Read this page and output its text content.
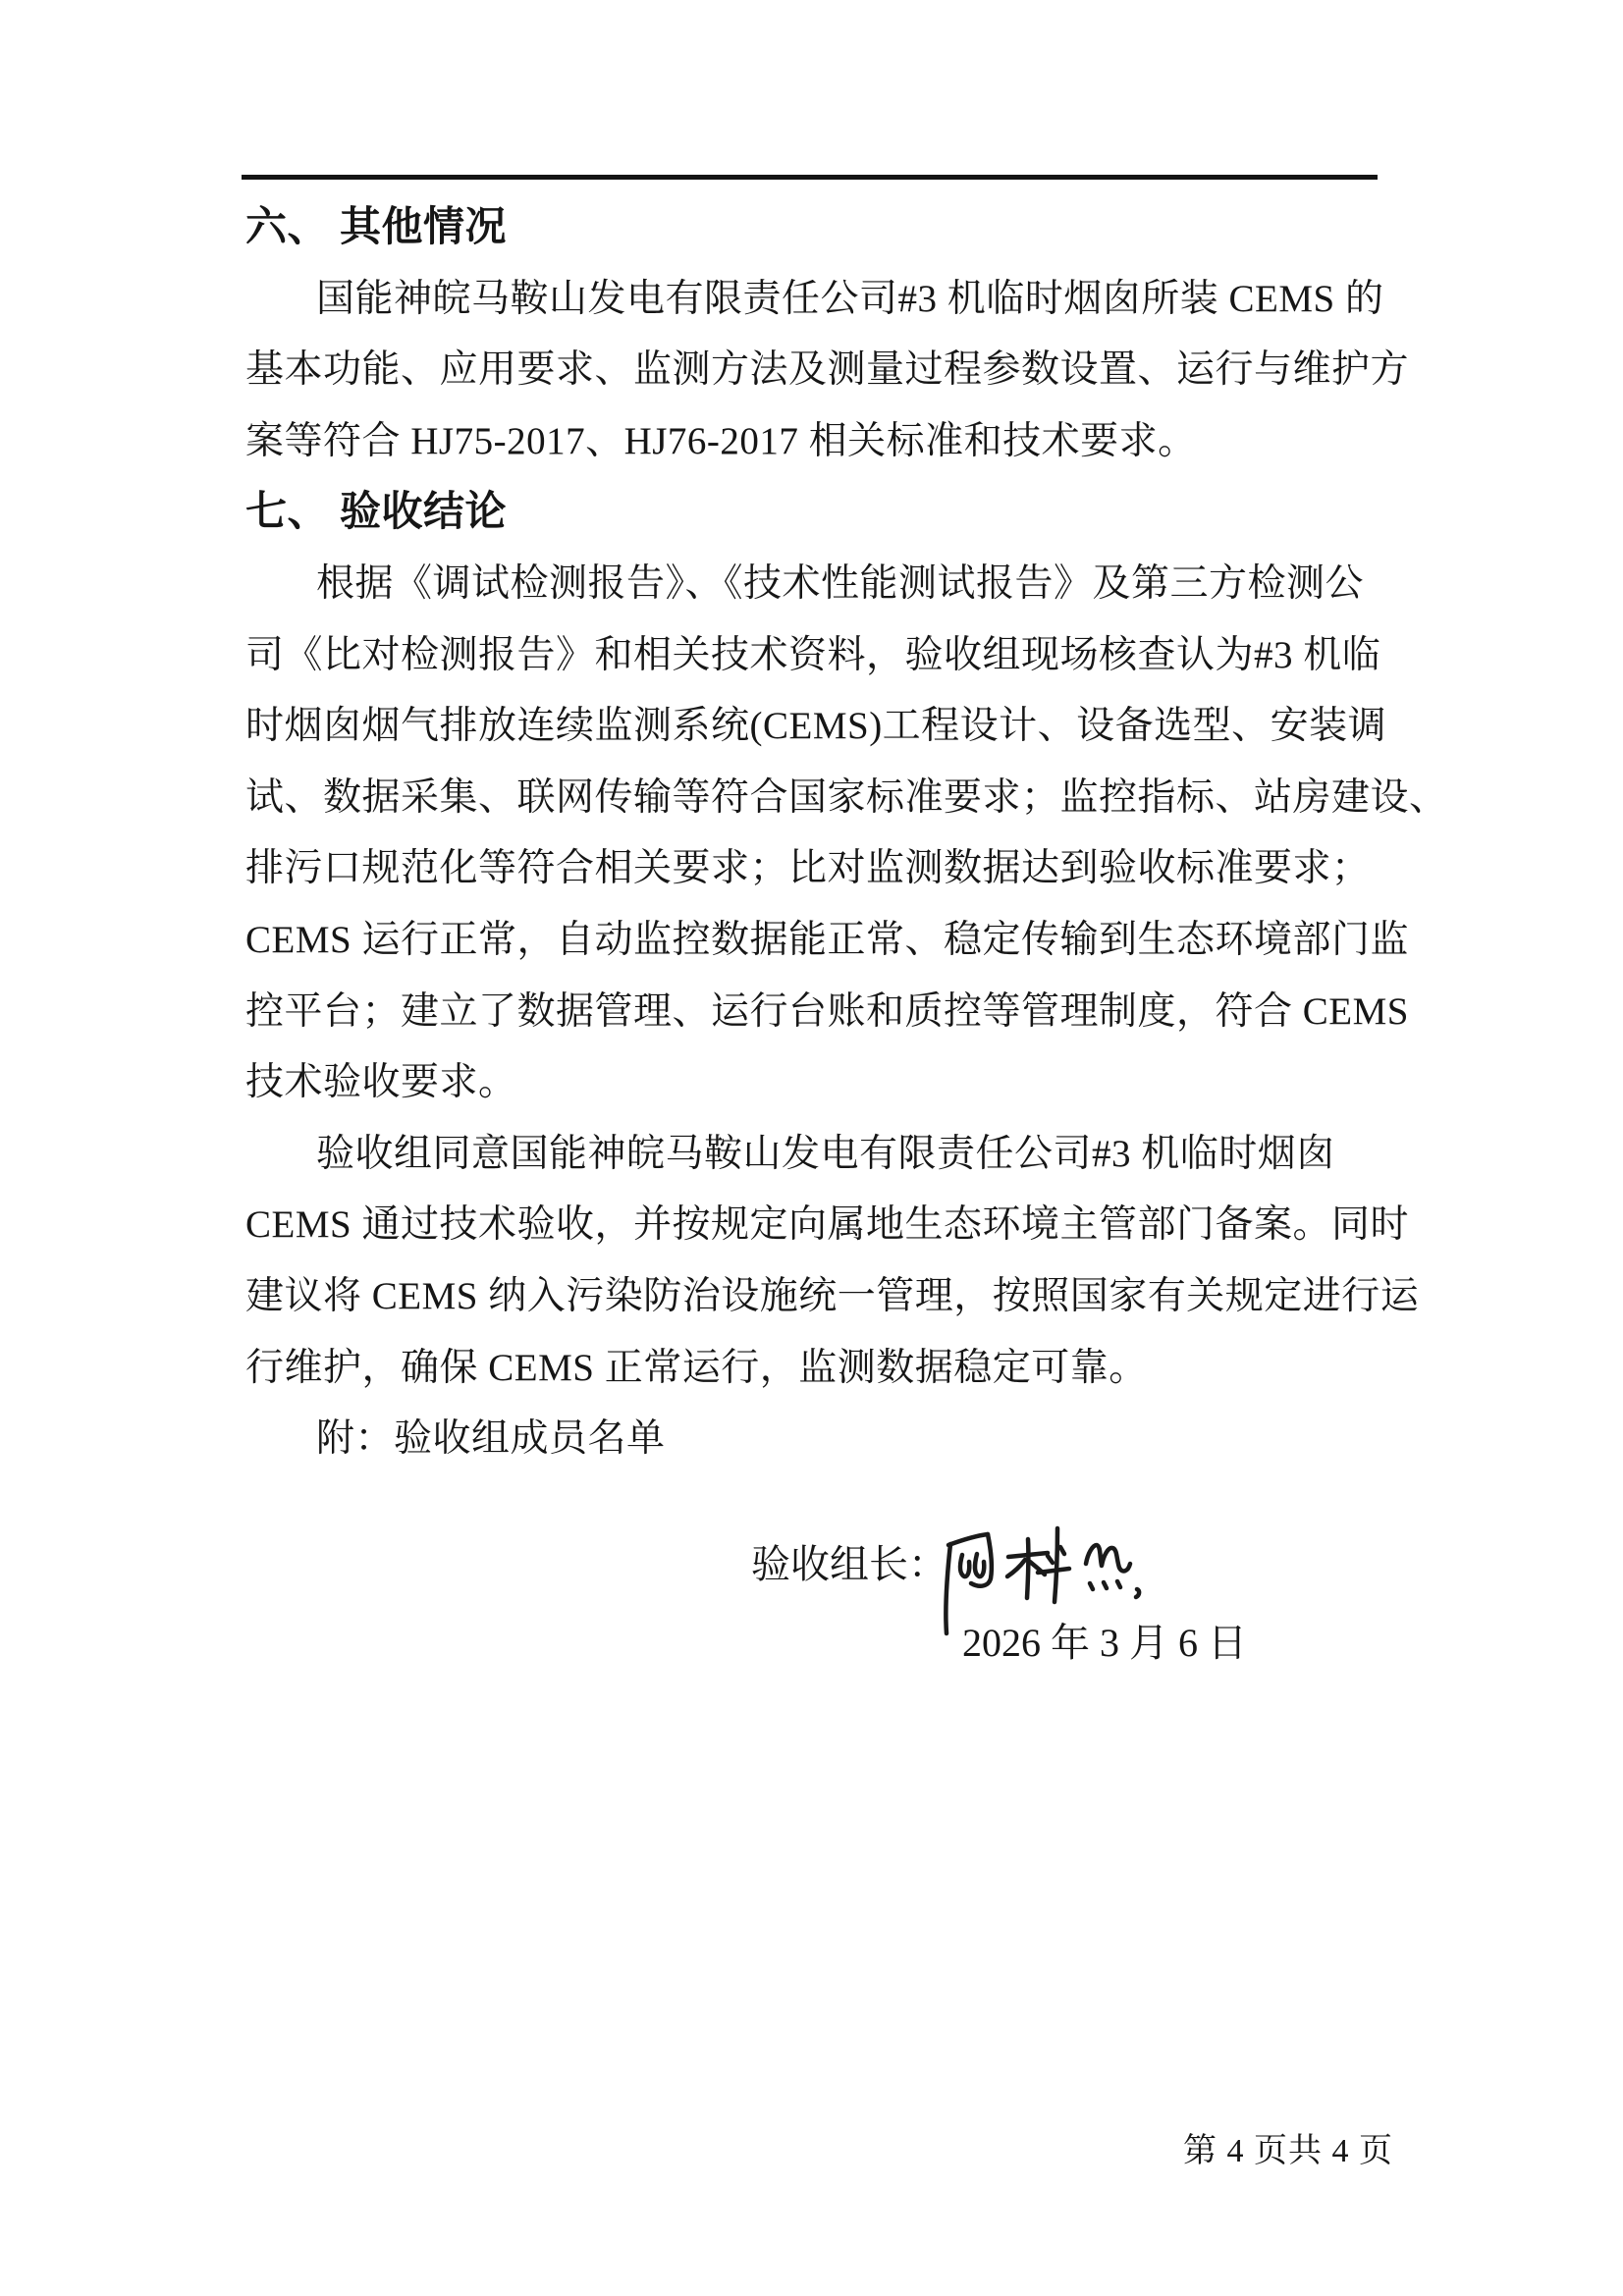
六、 其他情况
国能神皖马鞍山发电有限责任公司#3 机临时烟囱所装 CEMS 的
基本功能、应用要求、监测方法及测量过程参数设置、运行与维护方
案等符合 HJ75-2017、HJ76-2017 相关标准和技术要求。
七、 验收结论
根据《调试检测报告》、《技术性能测试报告》及第三方检测公
司《比对检测报告》和相关技术资料，验收组现场核查认为#3 机临
时烟囱烟气排放连续监测系统(CEMS)工程设计、设备选型、安装调
试、数据采集、联网传输等符合国家标准要求；监控指标、站房建设、
排污口规范化等符合相关要求；比对监测数据达到验收标准要求；
CEMS 运行正常，自动监控数据能正常、稳定传输到生态环境部门监
控平台；建立了数据管理、运行台账和质控等管理制度，符合 CEMS
技术验收要求。
验收组同意国能神皖马鞍山发电有限责任公司#3 机临时烟囱
CEMS 通过技术验收，并按规定向属地生态环境主管部门备案。同时
建议将 CEMS 纳入污染防治设施统一管理，按照国家有关规定进行运
行维护，确保 CEMS 正常运行，监测数据稳定可靠。
附：验收组成员名单
验收组长：
2026 年 3 月 6 日
第 4 页共 4 页
